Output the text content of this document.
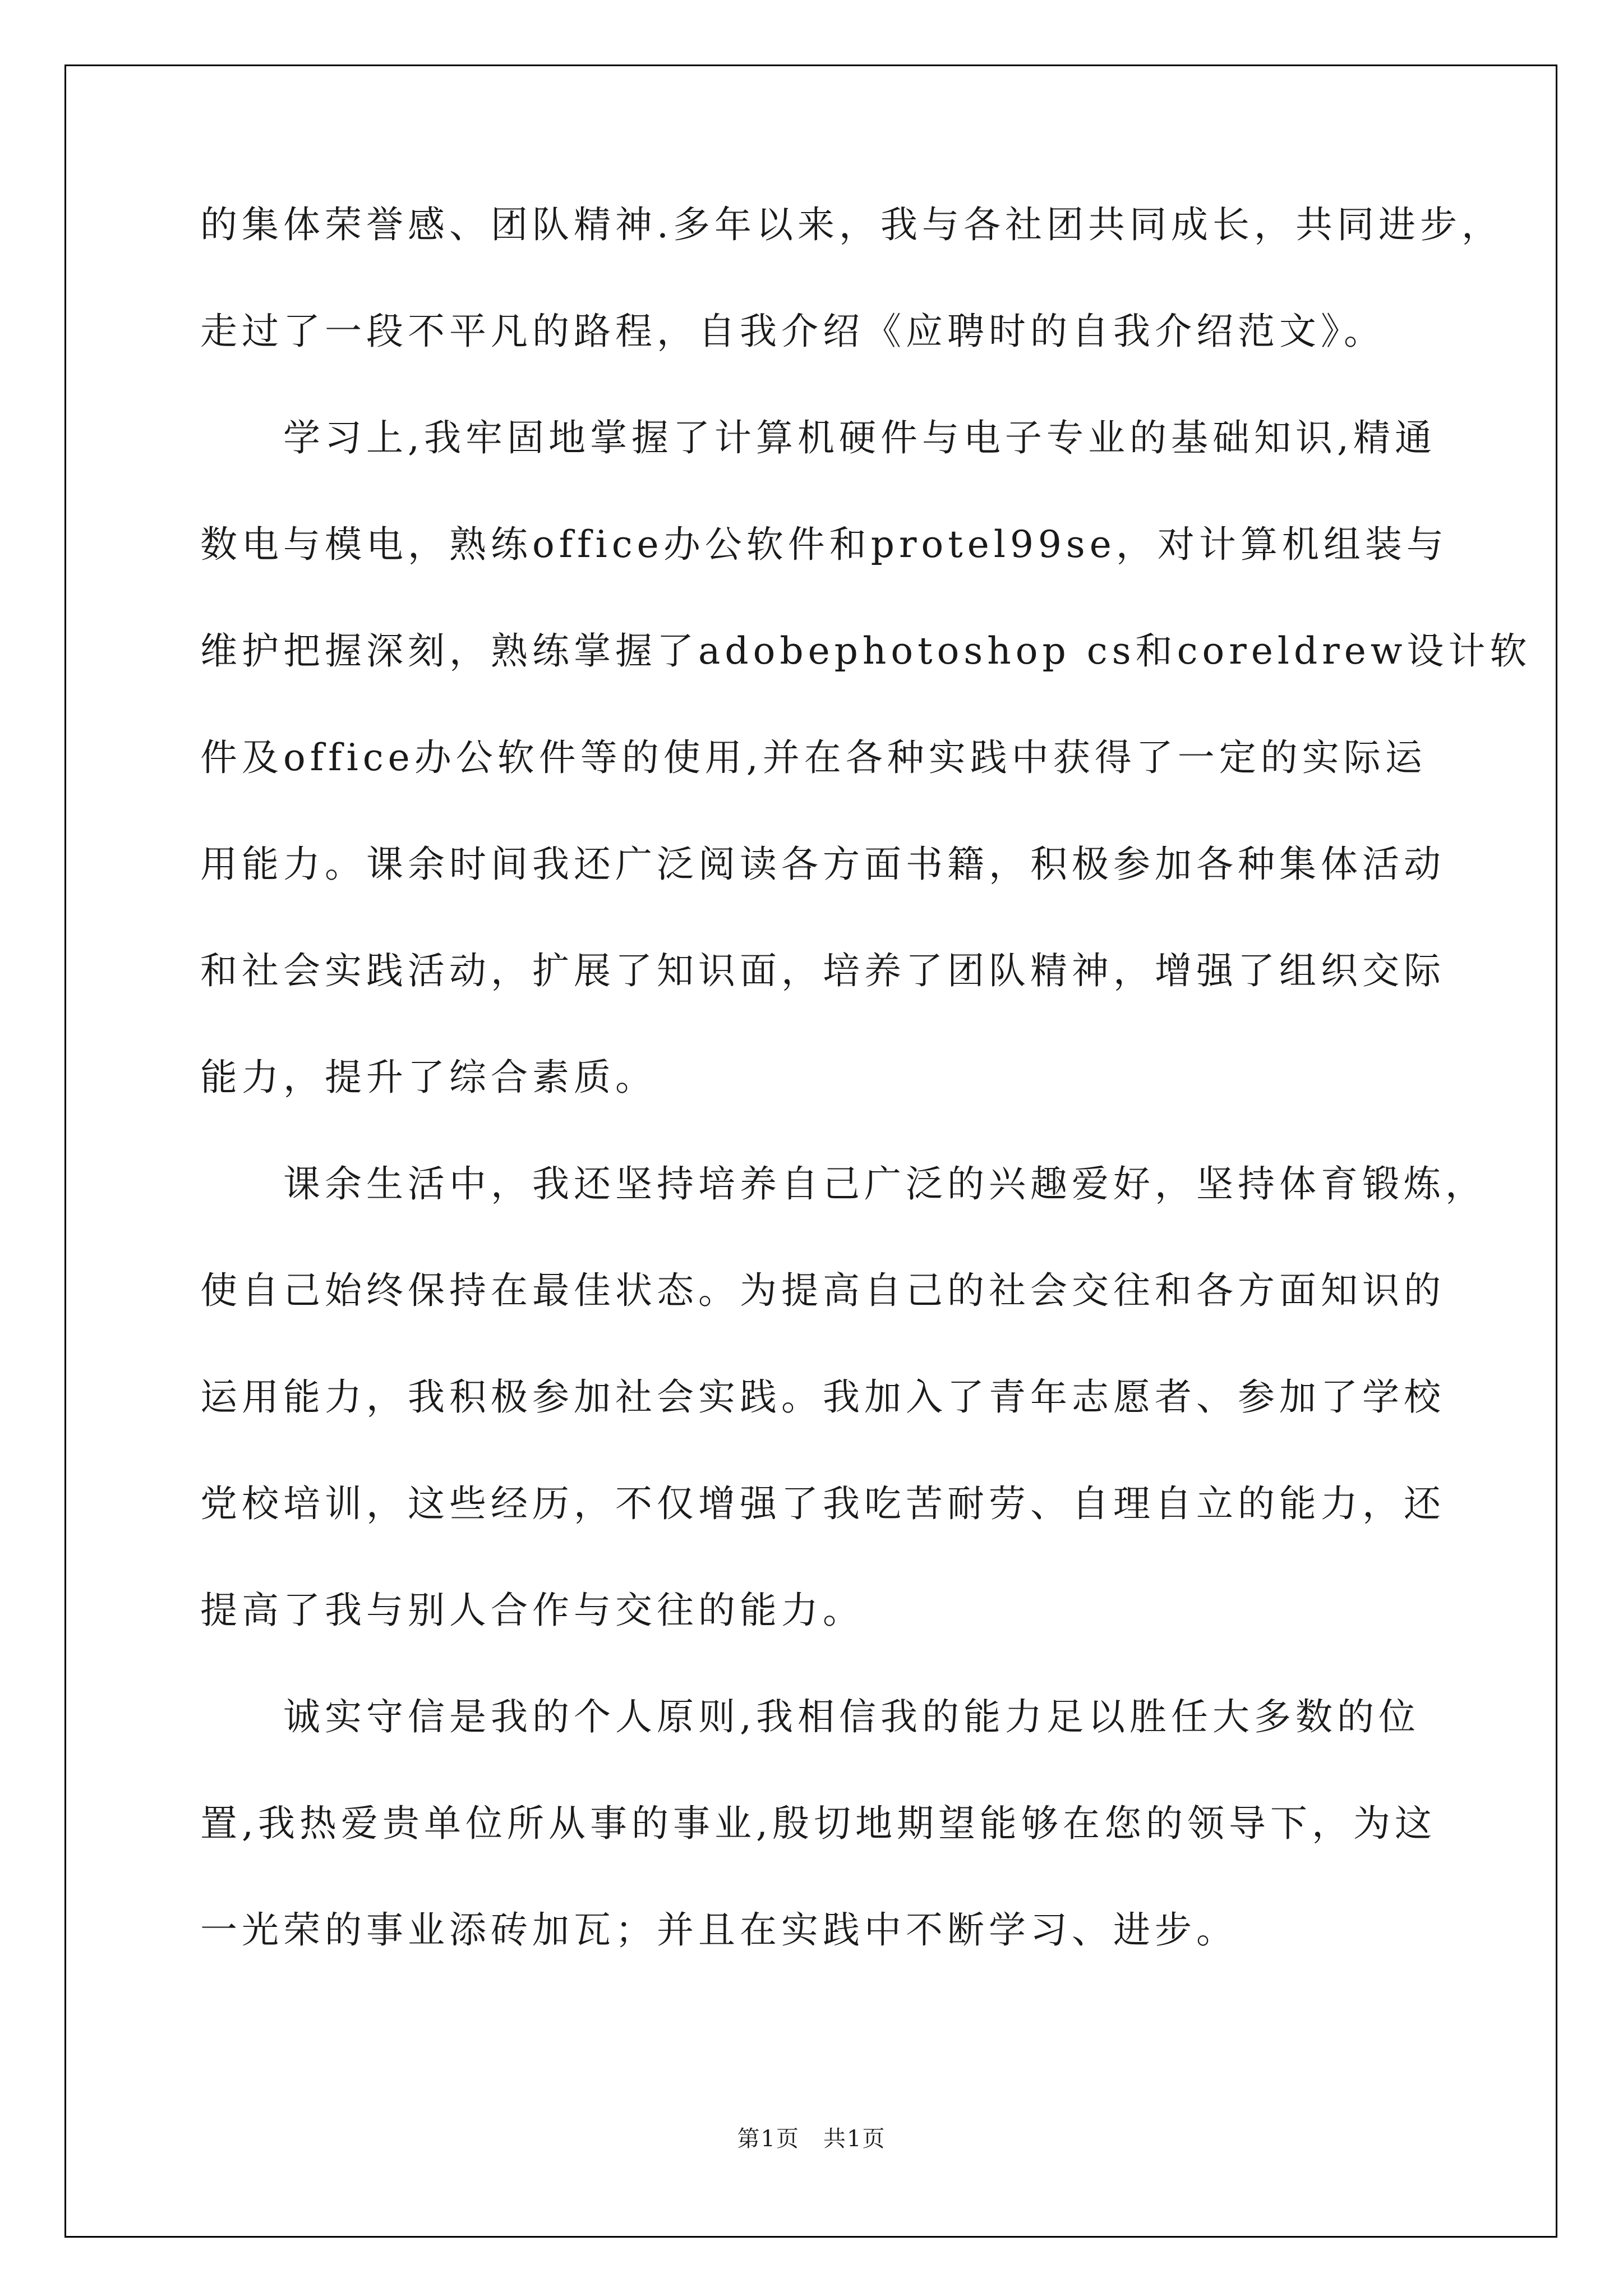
的集体荣誉感、团队精神.多年以来，我与各社团共同成长，共同进步，
走过了一段不平凡的路程，自我介绍《应聘时的自我介绍范文》。
学习上,我牢固地掌握了计算机硬件与电子专业的基础知识,精通
数电与模电，熟练office办公软件和protel99se，对计算机组装与
维护把握深刻，熟练掌握了adobephotoshop cs和coreldrew设计软
件及office办公软件等的使用,并在各种实践中获得了一定的实际运
用能力。课余时间我还广泛阅读各方面书籍，积极参加各种集体活动
和社会实践活动，扩展了知识面，培养了团队精神，增强了组织交际
能力，提升了综合素质。
课余生活中，我还坚持培养自己广泛的兴趣爱好，坚持体育锻炼，
使自己始终保持在最佳状态。为提高自己的社会交往和各方面知识的
运用能力，我积极参加社会实践。我加入了青年志愿者、参加了学校
党校培训，这些经历，不仅增强了我吃苦耐劳、自理自立的能力，还
提高了我与别人合作与交往的能力。
诚实守信是我的个人原则,我相信我的能力足以胜任大多数的位
置,我热爱贵单位所从事的事业,殷切地期望能够在您的领导下，为这
一光荣的事业添砖加瓦；并且在实践中不断学习、进步。
第1页　共1页
